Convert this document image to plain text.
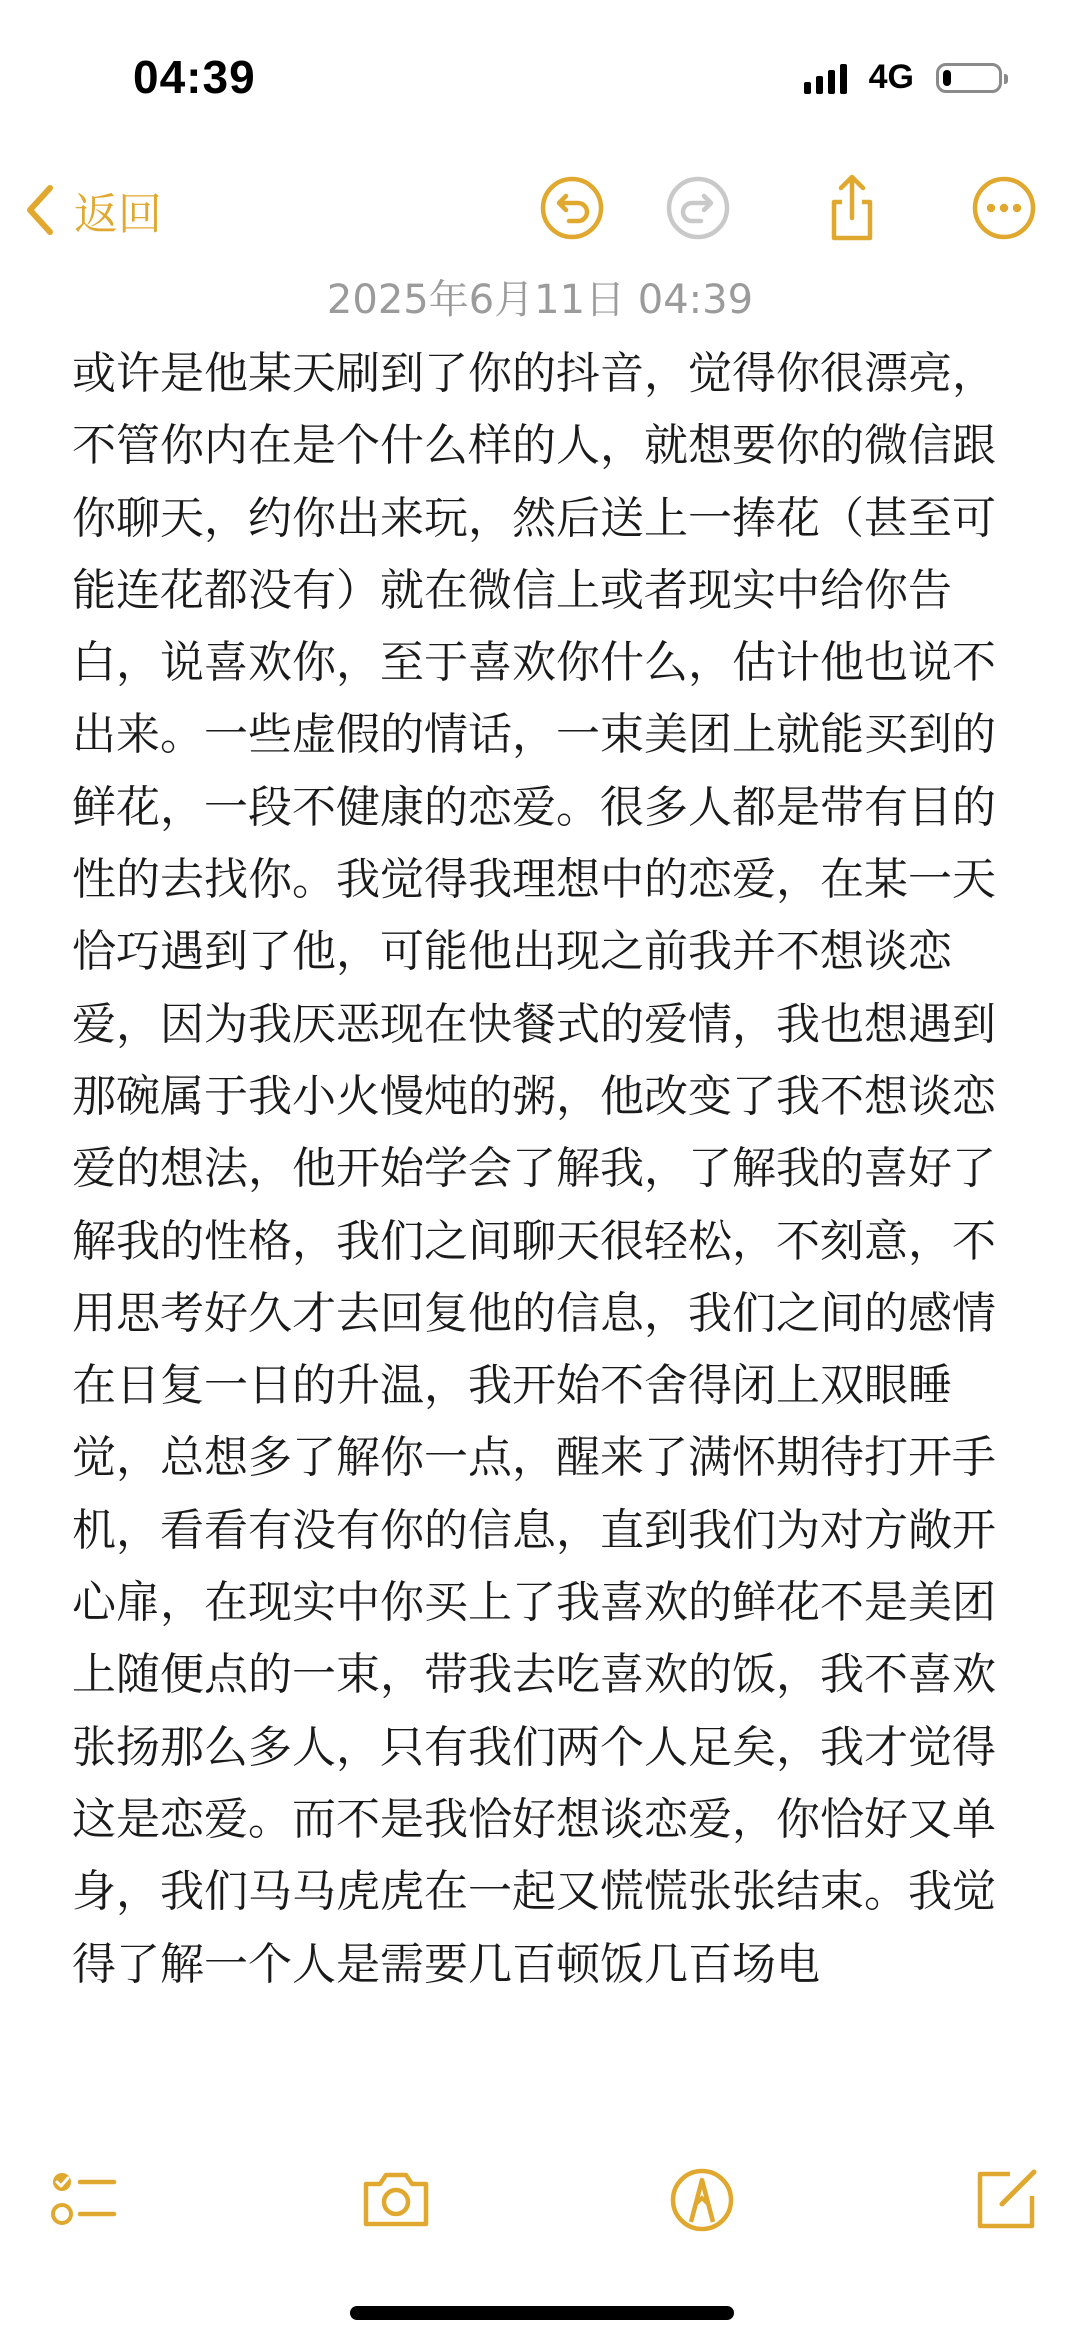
04:39	4G
返回
2025年6月11日 04:39
或许是他某天刷到了你的抖音，觉得你很漂亮，不管你内在是个什么样的人，就想要你的微信跟你聊天，约你出来玩，然后送上一捧花（甚至可能连花都没有）就在微信上或者现实中给你告白，说喜欢你，至于喜欢你什么，估计他也说不出来。一些虚假的情话，一束美团上就能买到的鲜花，一段不健康的恋爱。很多人都是带有目的性的去找你。我觉得我理想中的恋爱，在某一天恰巧遇到了他，可能他出现之前我并不想谈恋爱，因为我厌恶现在快餐式的爱情，我也想遇到那碗属于我小火慢炖的粥，他改变了我不想谈恋爱的想法，他开始学会了解我，了解我的喜好了解我的性格，我们之间聊天很轻松，不刻意，不用思考好久才去回复他的信息，我们之间的感情在日复一日的升温，我开始不舍得闭上双眼睡觉，总想多了解你一点，醒来了满怀期待打开手机，看看有没有你的信息，直到我们为对方敞开心扉，在现实中你买上了我喜欢的鲜花不是美团上随便点的一束，带我去吃喜欢的饭，我不喜欢张扬那么多人，只有我们两个人足矣，我才觉得这是恋爱。而不是我恰好想谈恋爱，你恰好又单身，我们马马虎虎在一起又慌慌张张结束。我觉得了解一个人是需要几百顿饭几百场电
